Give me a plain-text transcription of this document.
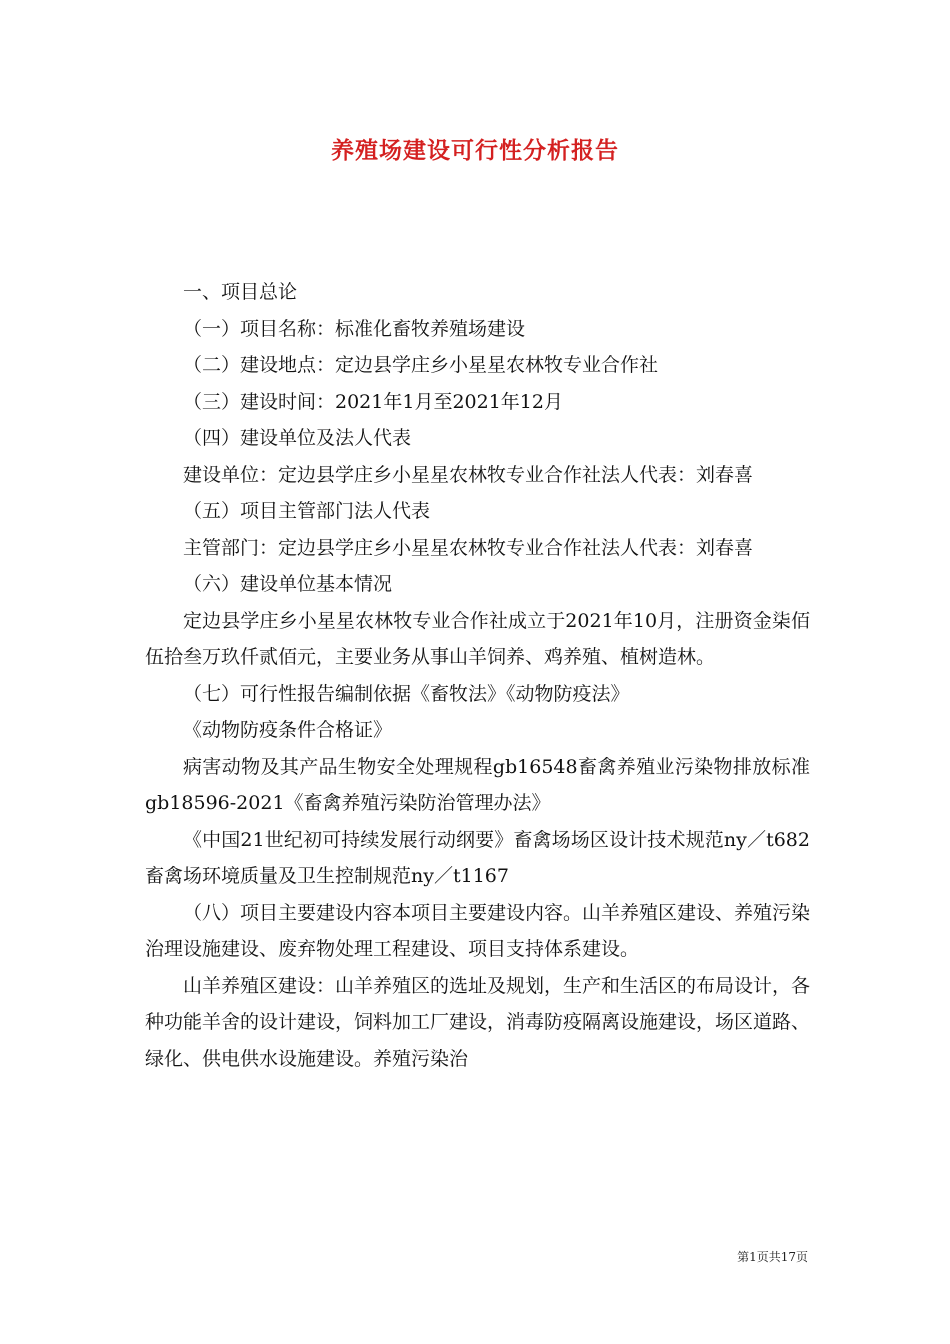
养殖场建设可行性分析报告

一、项目总论

（一）项目名称：标准化畜牧养殖场建设

（二）建设地点：定边县学庄乡小星星农林牧专业合作社

（三）建设时间：2021年1月至2021年12月

（四）建设单位及法人代表

建设单位：定边县学庄乡小星星农林牧专业合作社法人代表：刘春喜

（五）项目主管部门法人代表

主管部门：定边县学庄乡小星星农林牧专业合作社法人代表：刘春喜

（六）建设单位基本情况

定边县学庄乡小星星农林牧专业合作社成立于2021年10月，注册资金柒佰伍拾叁万玖仟贰佰元，主要业务从事山羊饲养、鸡养殖、植树造林。

（七）可行性报告编制依据《畜牧法》《动物防疫法》

《动物防疫条件合格证》

病害动物及其产品生物安全处理规程gb16548畜禽养殖业污染物排放标准gb18596-2021《畜禽养殖污染防治管理办法》

《中国21世纪初可持续发展行动纲要》畜禽场场区设计技术规范ny／t682畜禽场环境质量及卫生控制规范ny／t1167

（八）项目主要建设内容本项目主要建设内容。山羊养殖区建设、养殖污染治理设施建设、废弃物处理工程建设、项目支持体系建设。

山羊养殖区建设：山羊养殖区的选址及规划，生产和生活区的布局设计，各种功能羊舍的设计建设，饲料加工厂建设，消毒防疫隔离设施建设，场区道路、绿化、供电供水设施建设。养殖污染治

第1页共17页
